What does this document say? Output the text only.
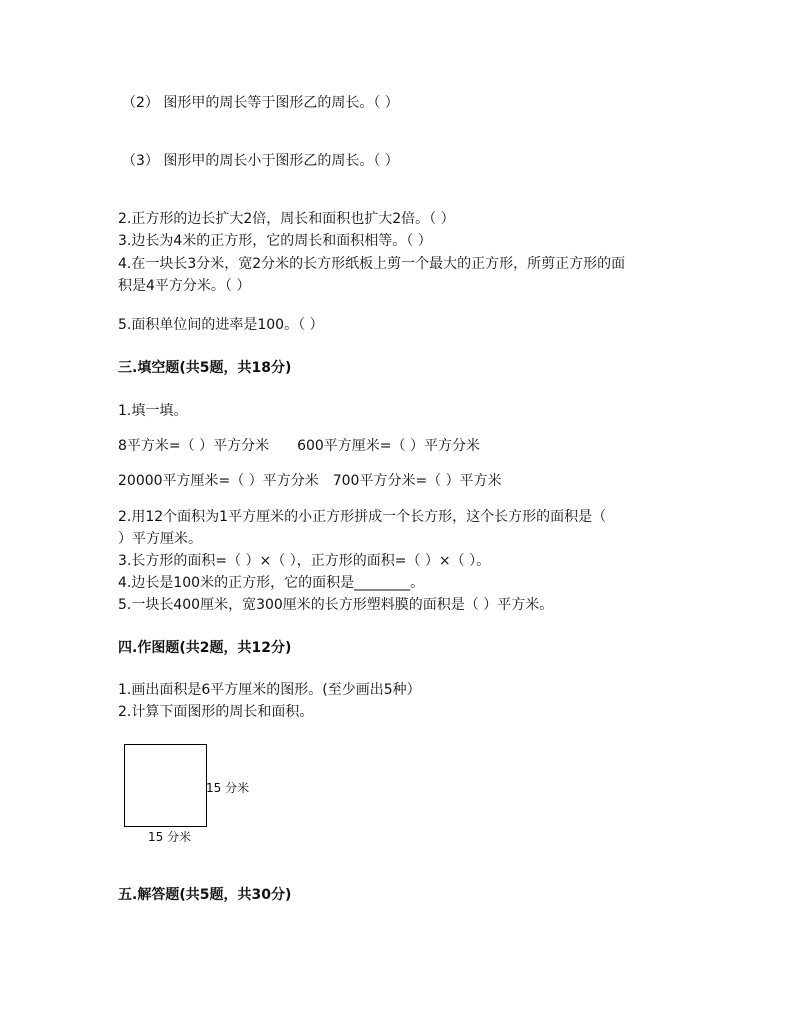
（2） 图形甲的周长等于图形乙的周长。（ ）
（3） 图形甲的周长小于图形乙的周长。（ ）
2.正方形的边长扩大2倍，周长和面积也扩大2倍。（ ）
3.边长为4米的正方形，它的周长和面积相等。（ ）
4.在一块长3分米，宽2分米的长方形纸板上剪一个最大的正方形，所剪正方形的面
积是4平方分米。（ ）
5.面积单位间的进率是100。（ ）
三.填空题(共5题，共18分)
1.填一填。
8平方米=（ ）平方分米　　600平方厘米=（ ）平方分米
20000平方厘米=（ ）平方分米　700平方分米=（ ）平方米
2.用12个面积为1平方厘米的小正方形拼成一个长方形，这个长方形的面积是（
）平方厘米。
3.长方形的面积=（ ）×（ ），正方形的面积=（ ）×（ ）。
4.边长是100米的正方形，它的面积是________。
5.一块长400厘米，宽300厘米的长方形塑料膜的面积是（ ）平方米。
四.作图题(共2题，共12分)
1.画出面积是6平方厘米的图形。(至少画出5种）
2.计算下面图形的周长和面积。
15 分米
15 分米
五.解答题(共5题，共30分)
